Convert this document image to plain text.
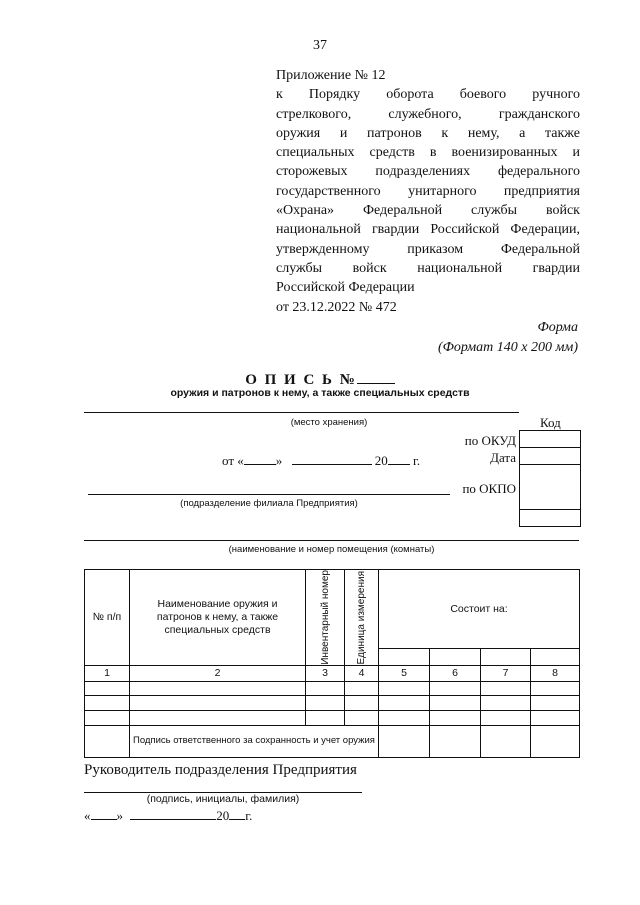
37
Приложение № 12
к Порядку оборота боевого ручного
стрелкового, служебного, гражданского
оружия и патронов к нему, а также
специальных средств в военизированных и
сторожевых подразделениях федерального
государственного унитарного предприятия
«Охрана» Федеральной службы войск
национальной гвардии Российской Федерации,
утвержденному приказом Федеральной
службы войск национальной гвардии
Российской Федерации
от 23.12.2022 № 472
Форма
(Формат 140 х 200 мм)
О П И С Ь №
оружия и патронов к нему, а также специальных средств
(место хранения)	Код
по ОКУД
Дата
по ОКПО
от « »	20 г.
(подразделение филиала Предприятия)
(наименование и номер помещения (комнаты)
№ п/п	Наименование оружия и патронов к нему, а также специальных средств	Инвентарный номер	Единица измерения	Состоит на:			

1	2	3	4	5	6	7	8

	Подпись ответственного за сохранность и учет оружия						
Руководитель подразделения Предприятия
(подпись, инициалы, фамилия)
« »	20 г.
